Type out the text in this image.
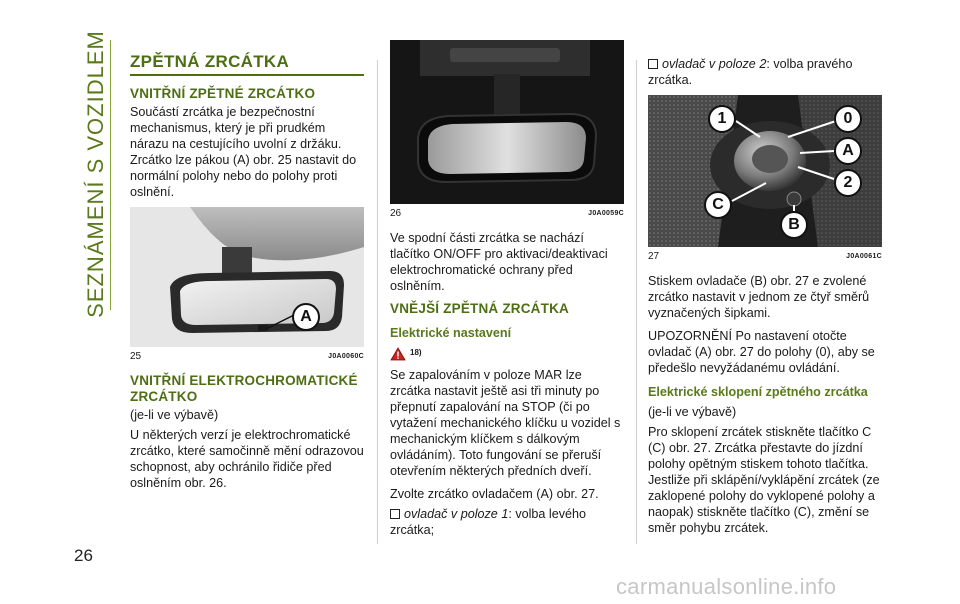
SEZNÁMENÍ S VOZIDLEM
26
ZPĚTNÁ ZRCÁTKA
VNITŘNÍ ZPĚTNÉ ZRCÁTKO

Součástí zrcátka je bezpečnostní mechanismus, který je při prudkém nárazu na cestujícího uvolní z držáku. Zrcátko lze pákou (A) obr. 25 nastavit do normální polohy nebo do polohy proti oslnění.

A
25	J0A0060C
VNITŘNÍ ELEKTROCHROMATICKÉ ZRCÁTKO

(je-li ve výbavě)

U některých verzí je elektrochromatické zrcátko, které samočinně mění odrazovou schopnost, aby ochránilo řidiče před oslněním obr. 26.

26	J0A0059C

Ve spodní části zrcátka se nachází tlačítko ON/OFF pro aktivaci/deaktivaci elektrochromatické ochrany před oslněním.

VNĚJŠÍ ZPĚTNÁ ZRCÁTKA
Elektrické nastavení
18)

Se zapalováním v poloze MAR lze zrcátka nastavit ještě asi tři minuty po přepnutí zapalování na STOP (či po vytažení mechanického klíčku u vozidel s mechanickým klíčkem s dálkovým ovládáním). Toto fungování se přeruší otevřením některých předních dveří.

Zvolte zrcátko ovladačem (A) obr. 27.

ovladač v poloze 1: volba levého zrcátka;

ovladač v poloze 2: volba pravého zrcátka.

1	0
A
2
C
B
27	J0A0061C

Stiskem ovladače (B) obr. 27 e zvolené zrcátko nastavit v jednom ze čtyř směrů vyznačených šipkami.

UPOZORNĚNÍ Po nastavení otočte ovladač (A) obr. 27 do polohy (0), aby se předešlo nevyžádanému ovládání.

Elektrické sklopení zpětného zrcátka

(je-li ve výbavě)

Pro sklopení zrcátek stiskněte tlačítko C (C) obr. 27. Zrcátka přestavte do jízdní polohy opětným stiskem tohoto tlačítka. Jestliže při sklápění/vyklápění zrcátek (ze zaklopené polohy do vyklopené polohy a naopak) stiskněte tlačítko (C), změní se směr pohybu zrcátek.

carmanualsonline.info
